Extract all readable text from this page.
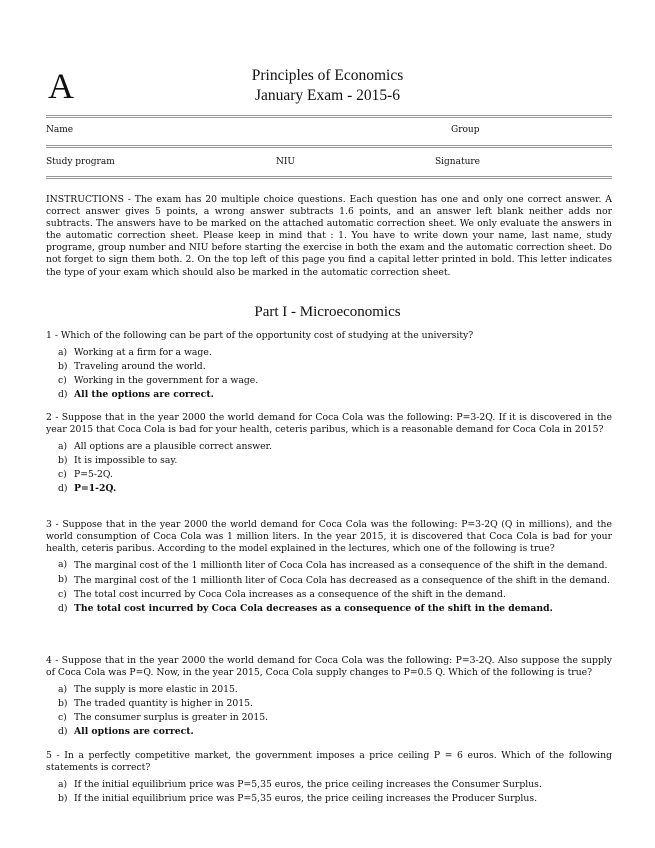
A	Principles of Economics
January Exam - 2015-6
Name	Group
Study program	NIU	Signature
INSTRUCTIONS - The exam has 20 multiple choice questions. Each question has one and only one correct answer. A correct answer gives 5 points, a wrong answer subtracts 1.6 points, and an answer left blank neither adds nor subtracts. The answers have to be marked on the attached automatic correction sheet. We only evaluate the answers in the automatic correction sheet. Please keep in mind that : 1. You have to write down your name, last name, study programe, group number and NIU before starting the exercise in both the exam and the automatic correction sheet. Do not forget to sign them both. 2. On the top left of this page you find a capital letter printed in bold. This letter indicates the type of your exam which should also be marked in the automatic correction sheet.
Part I - Microeconomics
1 - Which of the following can be part of the opportunity cost of studying at the university?
a) Working at a firm for a wage.
b) Traveling around the world.
c) Working in the government for a wage.
d) All the options are correct.
2 - Suppose that in the year 2000 the world demand for Coca Cola was the following: P=3-2Q. If it is discovered in the year 2015 that Coca Cola is bad for your health, ceteris paribus, which is a reasonable demand for Coca Cola in 2015?
a) All options are a plausible correct answer.
b) It is impossible to say.
c) P=5-2Q.
d) P=1-2Q.
3 - Suppose that in the year 2000 the world demand for Coca Cola was the following: P=3-2Q (Q in millions), and the world consumption of Coca Cola was 1 million liters. In the year 2015, it is discovered that Coca Cola is bad for your health, ceteris paribus. According to the model explained in the lectures, which one of the following is true?
a) The marginal cost of the 1 millionth liter of Coca Cola has increased as a consequence of the shift in the demand.
b) The marginal cost of the 1 millionth liter of Coca Cola has decreased as a consequence of the shift in the demand.
c) The total cost incurred by Coca Cola increases as a consequence of the shift in the demand.
d) The total cost incurred by Coca Cola decreases as a consequence of the shift in the demand.
4 - Suppose that in the year 2000 the world demand for Coca Cola was the following: P=3-2Q. Also suppose the supply of Coca Cola was P=Q. Now, in the year 2015, Coca Cola supply changes to P=0.5 Q. Which of the following is true?
a) The supply is more elastic in 2015.
b) The traded quantity is higher in 2015.
c) The consumer surplus is greater in 2015.
d) All options are correct.
5 - In a perfectly competitive market, the government imposes a price ceiling P = 6 euros. Which of the following statements is correct?
a) If the initial equilibrium price was P=5,35 euros, the price ceiling increases the Consumer Surplus.
b) If the initial equilibrium price was P=5,35 euros, the price ceiling increases the Producer Surplus.
